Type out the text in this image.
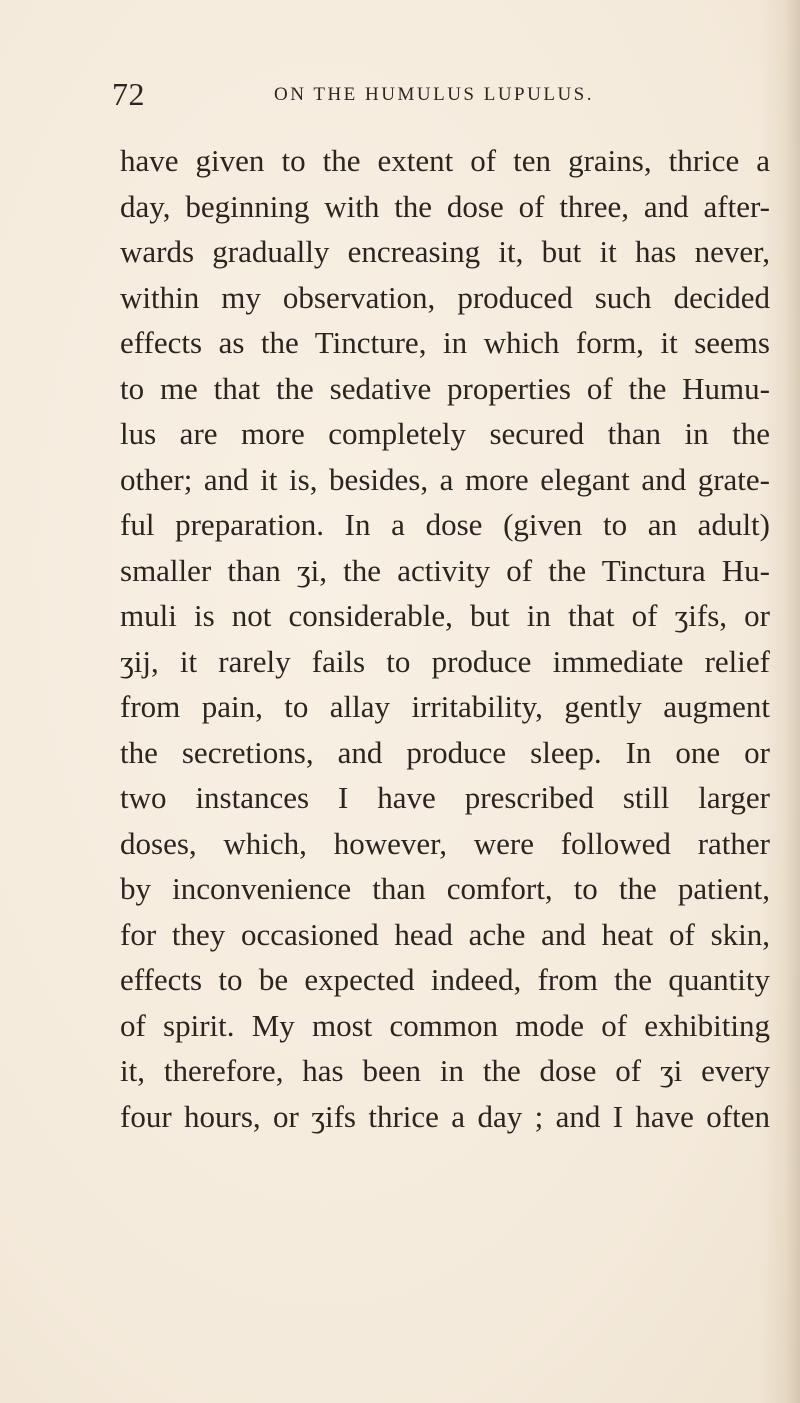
72	ON THE HUMULUS LUPULUS.
have given to the extent of ten grains, thrice a
day, beginning with the dose of three, and after-
wards gradually encreasing it, but it has never,
within my observation, produced such decided
effects as the Tincture, in which form, it seems
to me that the sedative properties of the Humu-
lus are more completely secured than in the
other; and it is, besides, a more elegant and grate-
ful preparation. In a dose (given to an adult)
smaller than ʒi, the activity of the Tinctura Hu-
muli is not considerable, but in that of ʒifs, or
ʒij, it rarely fails to produce immediate relief
from pain, to allay irritability, gently augment
the secretions, and produce sleep. In one or
two instances I have prescribed still larger
doses, which, however, were followed rather
by inconvenience than comfort, to the patient,
for they occasioned head ache and heat of skin,
effects to be expected indeed, from the quantity
of spirit. My most common mode of exhibiting
it, therefore, has been in the dose of ʒi every
four hours, or ʒifs thrice a day ; and I have often
